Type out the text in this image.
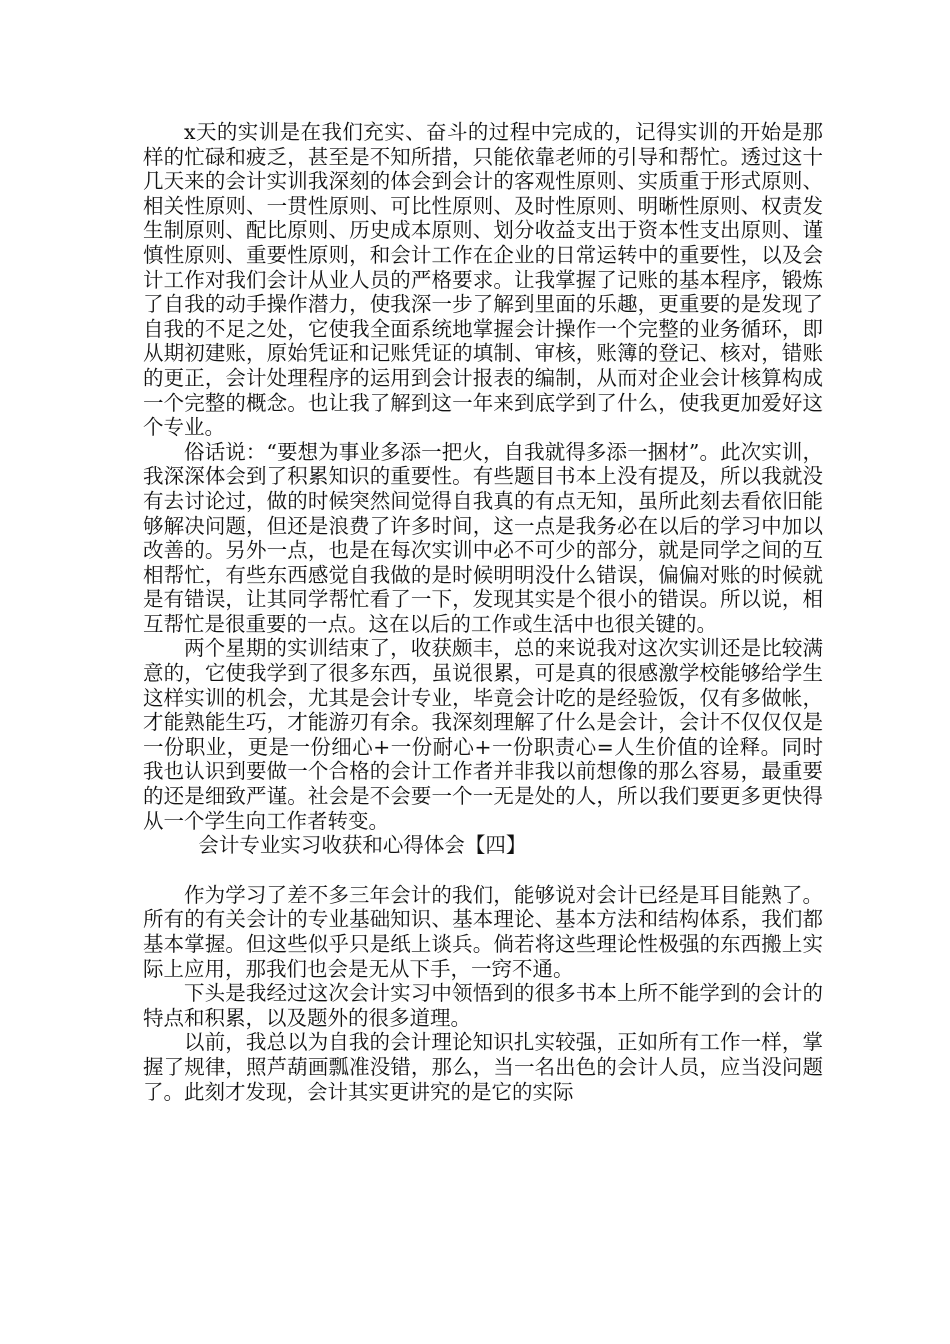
x天的实训是在我们充实、奋斗的过程中完成的，记得实训的开始是那样的忙碌和疲乏，甚至是不知所措，只能依靠老师的引导和帮忙。透过这十几天来的会计实训我深刻的体会到会计的客观性原则、实质重于形式原则、相关性原则、一贯性原则、可比性原则、及时性原则、明晰性原则、权责发生制原则、配比原则、历史成本原则、划分收益支出于资本性支出原则、谨慎性原则、重要性原则，和会计工作在企业的日常运转中的重要性，以及会计工作对我们会计从业人员的严格要求。让我掌握了记账的基本程序，锻炼了自我的动手操作潜力，使我深一步了解到里面的乐趣，更重要的是发现了自我的不足之处，它使我全面系统地掌握会计操作一个完整的业务循环，即从期初建账，原始凭证和记账凭证的填制、审核，账簿的登记、核对，错账的更正，会计处理程序的运用到会计报表的编制，从而对企业会计核算构成一个完整的概念。也让我了解到这一年来到底学到了什么，使我更加爱好这个专业。

俗话说：“要想为事业多添一把火，自我就得多添一捆材”。此次实训，我深深体会到了积累知识的重要性。有些题目书本上没有提及，所以我就没有去讨论过，做的时候突然间觉得自我真的有点无知，虽所此刻去看依旧能够解决问题，但还是浪费了许多时间，这一点是我务必在以后的学习中加以改善的。另外一点，也是在每次实训中必不可少的部分，就是同学之间的互相帮忙，有些东西感觉自我做的是时候明明没什么错误，偏偏对账的时候就是有错误，让其同学帮忙看了一下，发现其实是个很小的错误。所以说，相互帮忙是很重要的一点。这在以后的工作或生活中也很关键的。

两个星期的实训结束了，收获颇丰，总的来说我对这次实训还是比较满意的，它使我学到了很多东西，虽说很累，可是真的很感激学校能够给学生这样实训的机会，尤其是会计专业，毕竟会计吃的是经验饭，仅有多做帐，才能熟能生巧，才能游刃有余。我深刻理解了什么是会计，会计不仅仅仅是一份职业，更是一份细心+一份耐心+一份职责心=人生价值的诠释。同时我也认识到要做一个合格的会计工作者并非我以前想像的那么容易，最重要的还是细致严谨。社会是不会要一个一无是处的人，所以我们要更多更快得从一个学生向工作者转变。

会计专业实习收获和心得体会【四】

作为学习了差不多三年会计的我们，能够说对会计已经是耳目能熟了。所有的有关会计的专业基础知识、基本理论、基本方法和结构体系，我们都基本掌握。但这些似乎只是纸上谈兵。倘若将这些理论性极强的东西搬上实际上应用，那我们也会是无从下手，一窍不通。

下头是我经过这次会计实习中领悟到的很多书本上所不能学到的会计的特点和积累，以及题外的很多道理。

以前，我总以为自我的会计理论知识扎实较强，正如所有工作一样，掌握了规律，照芦葫画瓢准没错，那么，当一名出色的会计人员，应当没问题了。此刻才发现，会计其实更讲究的是它的实际
